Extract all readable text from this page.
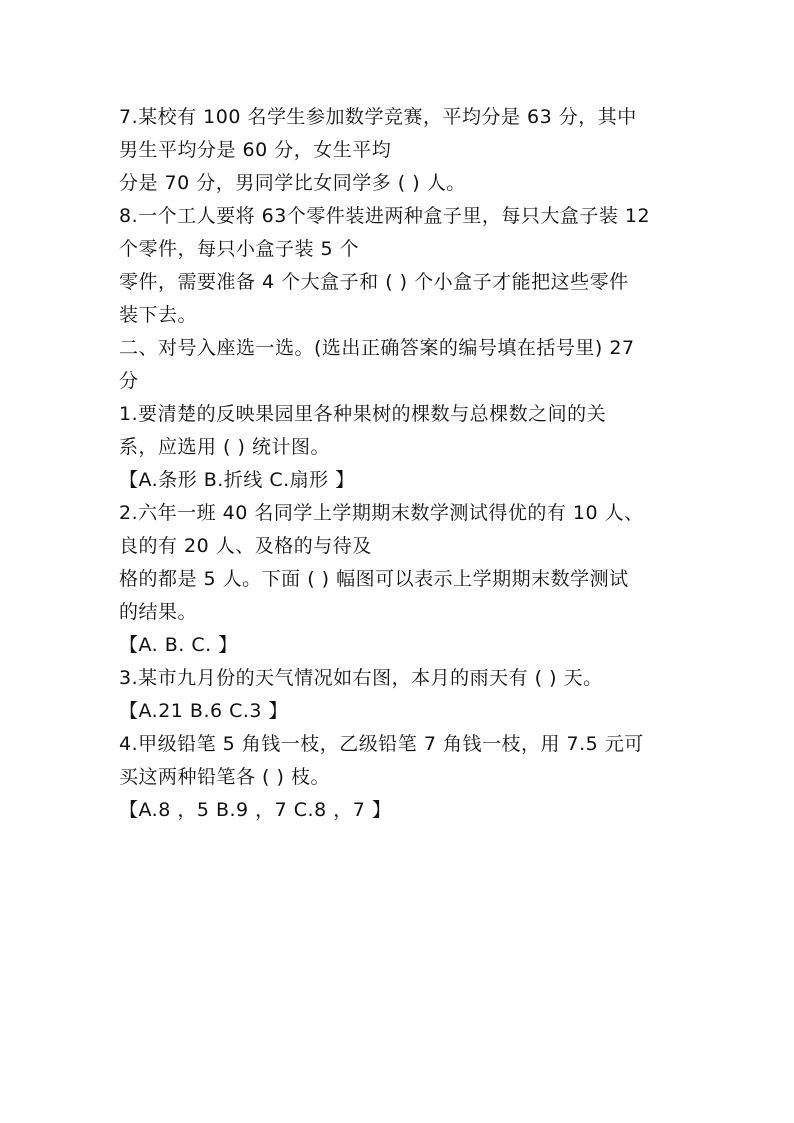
7.某校有 100 名学生参加数学竞赛，平均分是 63 分，其中
男生平均分是 60 分，女生平均
分是 70 分，男同学比女同学多 ( ) 人。
8.一个工人要将 63个零件装进两种盒子里，每只大盒子装 12
个零件，每只小盒子装 5 个
零件，需要准备 4 个大盒子和 ( ) 个小盒子才能把这些零件
装下去。
二、对号入座选一选。(选出正确答案的编号填在括号里) 27
分
1.要清楚的反映果园里各种果树的棵数与总棵数之间的关
系，应选用 ( ) 统计图。
【A.条形 B.折线 C.扇形 】
2.六年一班 40 名同学上学期期末数学测试得优的有 10 人、
良的有 20 人、及格的与待及
格的都是 5 人。下面 ( ) 幅图可以表示上学期期末数学测试
的结果。
【A. B. C. 】
3.某市九月份的天气情况如右图，本月的雨天有 ( ) 天。
【A.21 B.6 C.3 】
4.甲级铅笔 5 角钱一枝，乙级铅笔 7 角钱一枝，用 7.5 元可
买这两种铅笔各 ( ) 枝。
【A.8 ，5 B.9 ，7 C.8 ，7 】
